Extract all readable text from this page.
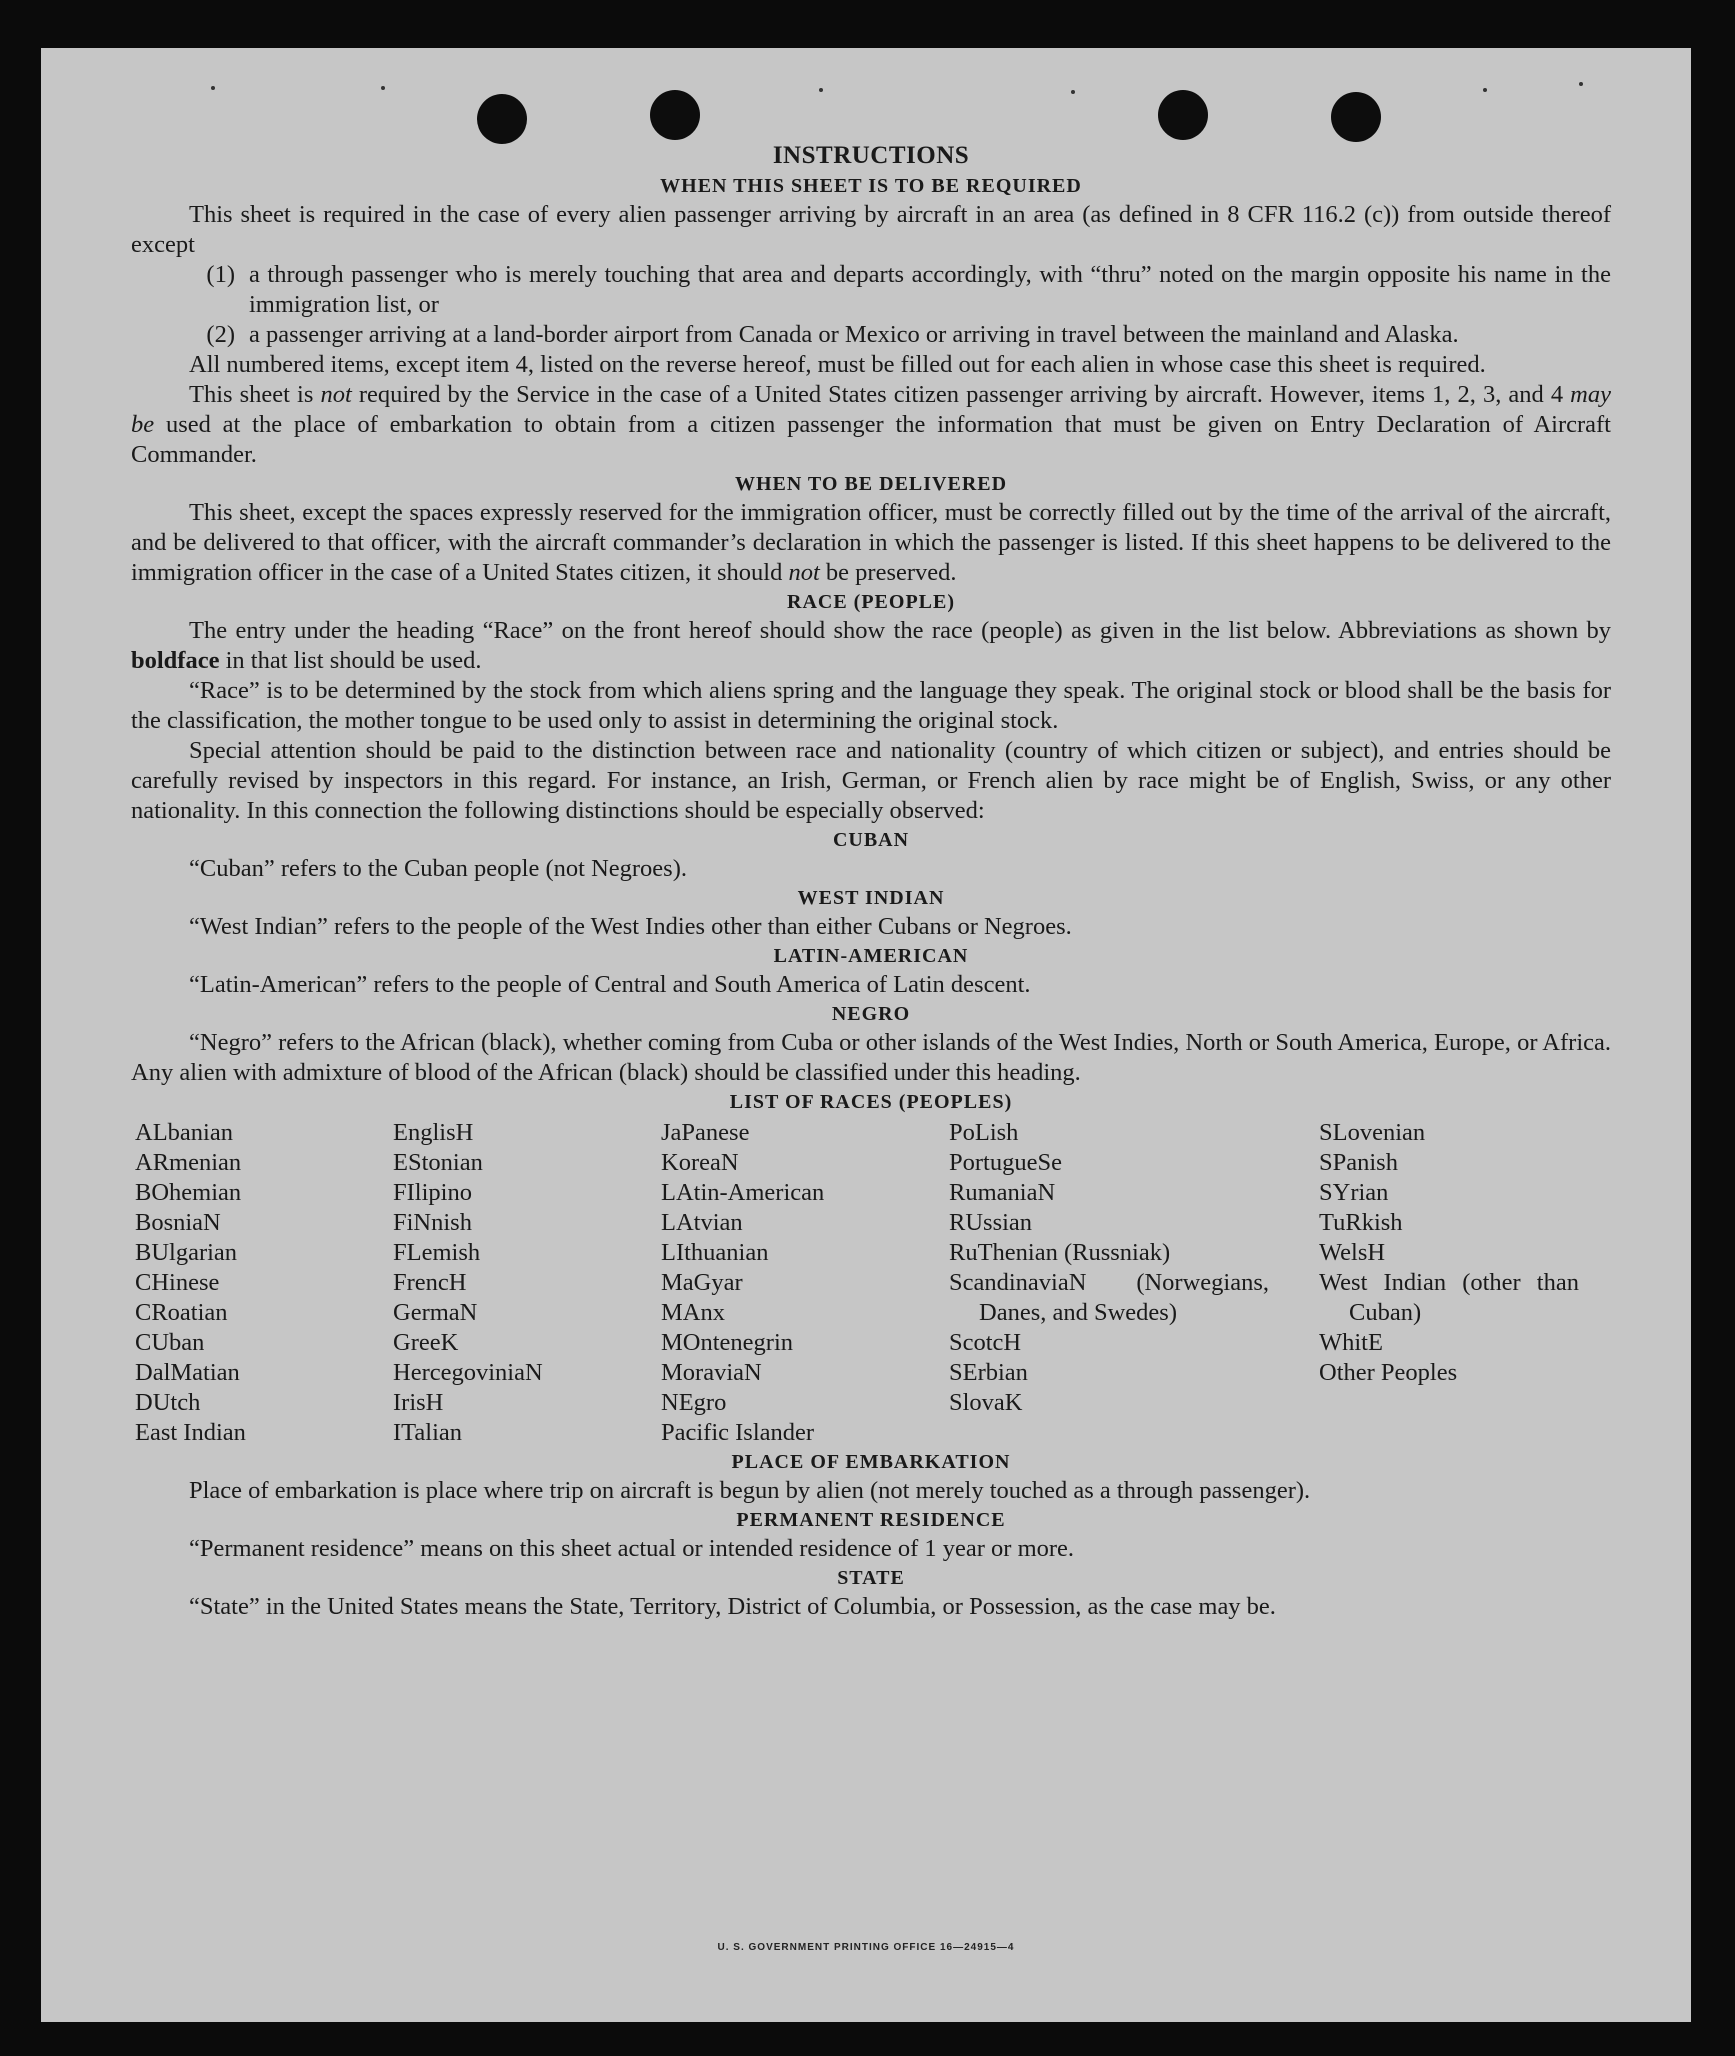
INSTRUCTIONS
WHEN THIS SHEET IS TO BE REQUIRED

This sheet is required in the case of every alien passenger arriving by aircraft in an area (as defined in 8 CFR 116.2 (c)) from outside thereof except

(1) a through passenger who is merely touching that area and departs accordingly, with “thru” noted on the margin opposite his name in the immigration list, or
(2) a passenger arriving at a land-border airport from Canada or Mexico or arriving in travel between the mainland and Alaska.

All numbered items, except item 4, listed on the reverse hereof, must be filled out for each alien in whose case this sheet is required.

This sheet is not required by the Service in the case of a United States citizen passenger arriving by aircraft. However, items 1, 2, 3, and 4 may be used at the place of embarkation to obtain from a citizen passenger the information that must be given on Entry Declaration of Aircraft Commander.

WHEN TO BE DELIVERED

This sheet, except the spaces expressly reserved for the immigration officer, must be correctly filled out by the time of the arrival of the aircraft, and be delivered to that officer, with the aircraft commander’s declaration in which the passenger is listed. If this sheet happens to be delivered to the immigration officer in the case of a United States citizen, it should not be preserved.

RACE (PEOPLE)

The entry under the heading “Race” on the front hereof should show the race (people) as given in the list below. Abbreviations as shown by boldface in that list should be used.

“Race” is to be determined by the stock from which aliens spring and the language they speak. The original stock or blood shall be the basis for the classification, the mother tongue to be used only to assist in determining the original stock.

Special attention should be paid to the distinction between race and nationality (country of which citizen or subject), and entries should be carefully revised by inspectors in this regard. For instance, an Irish, German, or French alien by race might be of English, Swiss, or any other nationality. In this connection the following distinctions should be especially observed:

CUBAN

“Cuban” refers to the Cuban people (not Negroes).

WEST INDIAN

“West Indian” refers to the people of the West Indies other than either Cubans or Negroes.

LATIN-AMERICAN

“Latin-American” refers to the people of Central and South America of Latin descent.

NEGRO

“Negro” refers to the African (black), whether coming from Cuba or other islands of the West Indies, North or South America, Europe, or Africa. Any alien with admixture of blood of the African (black) should be classified under this heading.

LIST OF RACES (PEOPLES)
ALbanian
ARmenian
BOhemian
BosniaN
BUlgarian
CHinese
CRoatian
CUban
DalMatian
DUtch
East Indian
EnglisH
EStonian
FIlipino
FiNnish
FLemish
FrencH
GermaN
GreeK
HercegoviniaN
IrisH
ITalian
JaPanese
KoreaN
LAtin-American
LAtvian
LIthuanian
MaGyar
MAnx
MOntenegrin
MoraviaN
NEgro
Pacific Islander
PoLish
PortugueSe
RumaniaN
RUssian
RuThenian (Russniak)
ScandinaviaN (Norwegians, Danes, and Swedes)
ScotcH
SErbian
SlovaK
SLovenian
SPanish
SYrian
TuRkish
WelsH
West Indian (other than Cuban)
WhitE
Other Peoples
PLACE OF EMBARKATION

Place of embarkation is place where trip on aircraft is begun by alien (not merely touched as a through passenger).

PERMANENT RESIDENCE

“Permanent residence” means on this sheet actual or intended residence of 1 year or more.

STATE

“State” in the United States means the State, Territory, District of Columbia, or Possession, as the case may be.

U. S. GOVERNMENT PRINTING OFFICE 16—24915—4
